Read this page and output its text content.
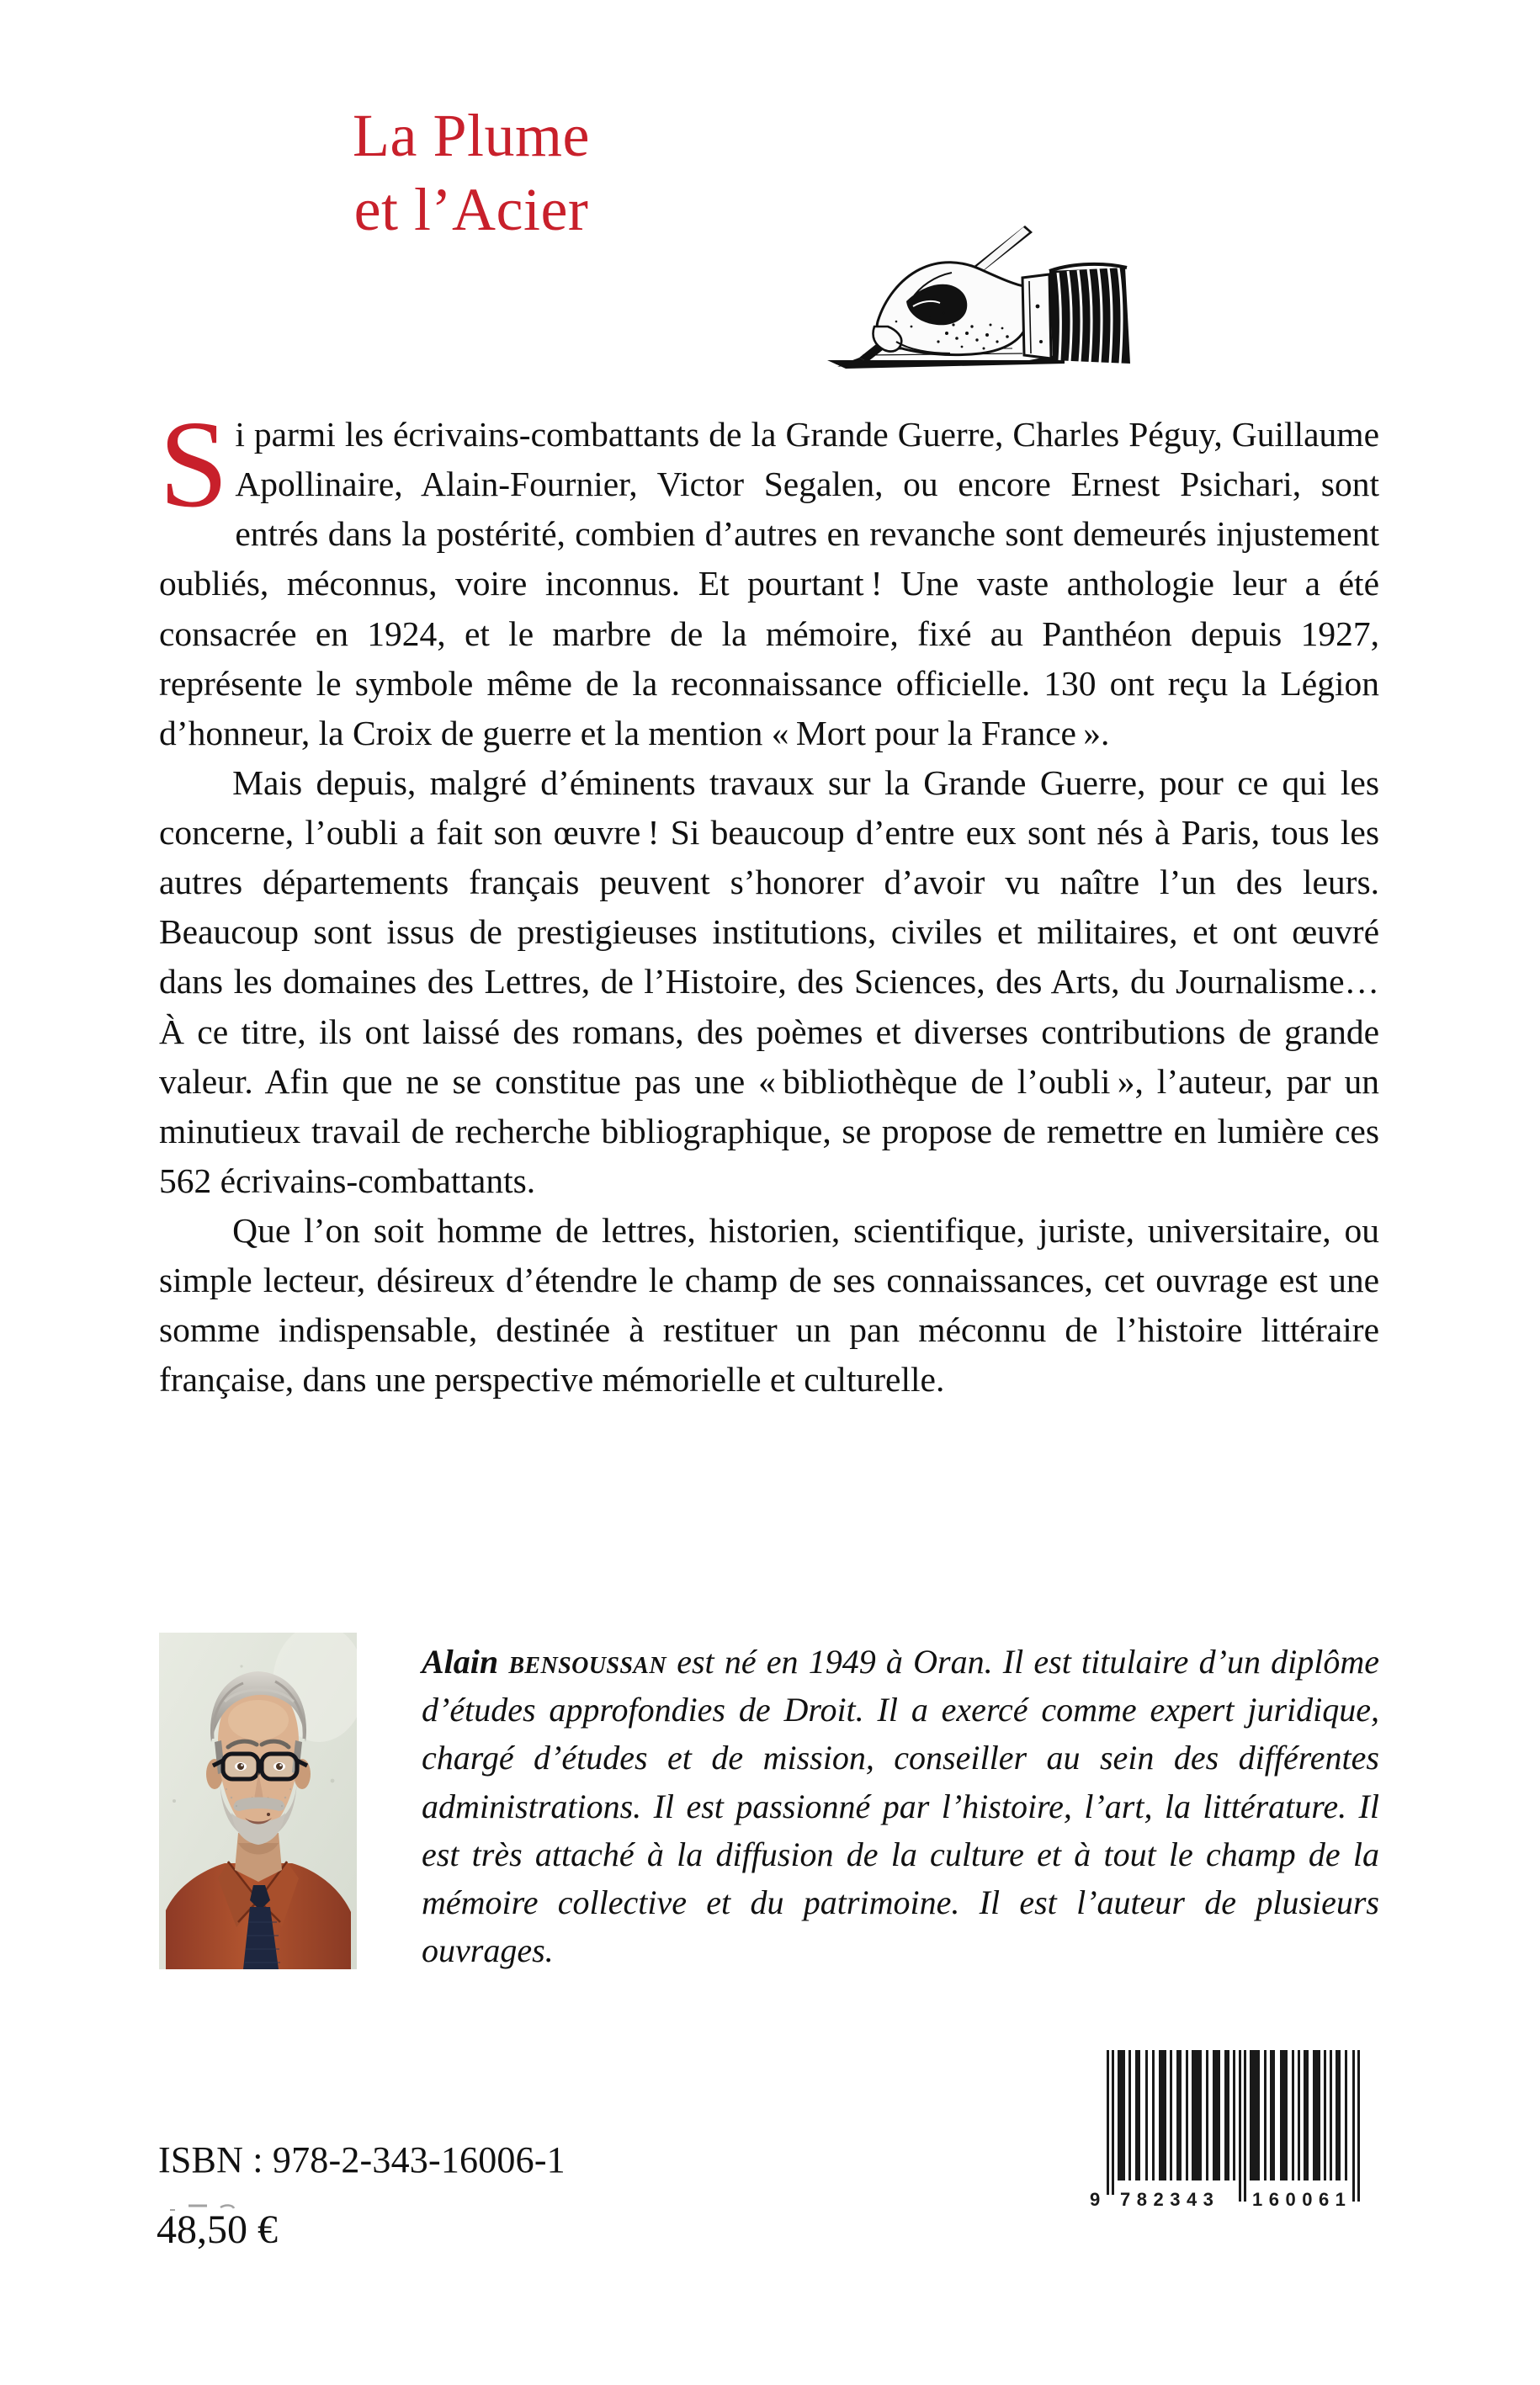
La Plume
et l’Acier

Si parmi les écrivains-combattants de la Grande Guerre, Charles Péguy, Guillaume Apollinaire, Alain-Fournier, Victor Segalen, ou encore Ernest Psichari, sont entrés dans la postérité, combien d’autres en revanche sont demeurés injustement oubliés, méconnus, voire inconnus. Et pourtant ! Une vaste anthologie leur a été consacrée en 1924, et le marbre de la mémoire, fixé au Panthéon depuis 1927, représente le symbole même de la reconnaissance officielle. 130 ont reçu la Légion d’honneur, la Croix de guerre et la mention « Mort pour la France ».

Mais depuis, malgré d’éminents travaux sur la Grande Guerre, pour ce qui les concerne, l’oubli a fait son œuvre ! Si beaucoup d’entre eux sont nés à Paris, tous les autres départements français peuvent s’honorer d’avoir vu naître l’un des leurs. Beaucoup sont issus de prestigieuses institutions, civiles et militaires, et ont œuvré dans les domaines des Lettres, de l’Histoire, des Sciences, des Arts, du Journalisme… À ce titre, ils ont laissé des romans, des poèmes et diverses contributions de grande valeur. Afin que ne se constitue pas une « bibliothèque de l’oubli », l’auteur, par un minutieux travail de recherche bibliographique, se propose de remettre en lumière ces 562 écrivains-combattants.

Que l’on soit homme de lettres, historien, scientifique, juriste, universitaire, ou simple lecteur, désireux d’étendre le champ de ses connaissances, cet ouvrage est une somme indispensable, destinée à restituer un pan méconnu de l’histoire littéraire française, dans une perspective mémorielle et culturelle.

Alain bensoussan est né en 1949 à Oran. Il est titulaire d’un diplôme d’études approfondies de Droit. Il a exercé comme expert juridique, chargé d’études et de mission, conseiller au sein des différentes administrations. Il est passionné par l’histoire, l’art, la littérature. Il est très attaché à la diffusion de la culture et à tout le champ de la mémoire collective et du patrimoine. Il est l’auteur de plusieurs ouvrages.
ISBN : 978-2-343-16006-1
48,50 €
9 782343 160061
